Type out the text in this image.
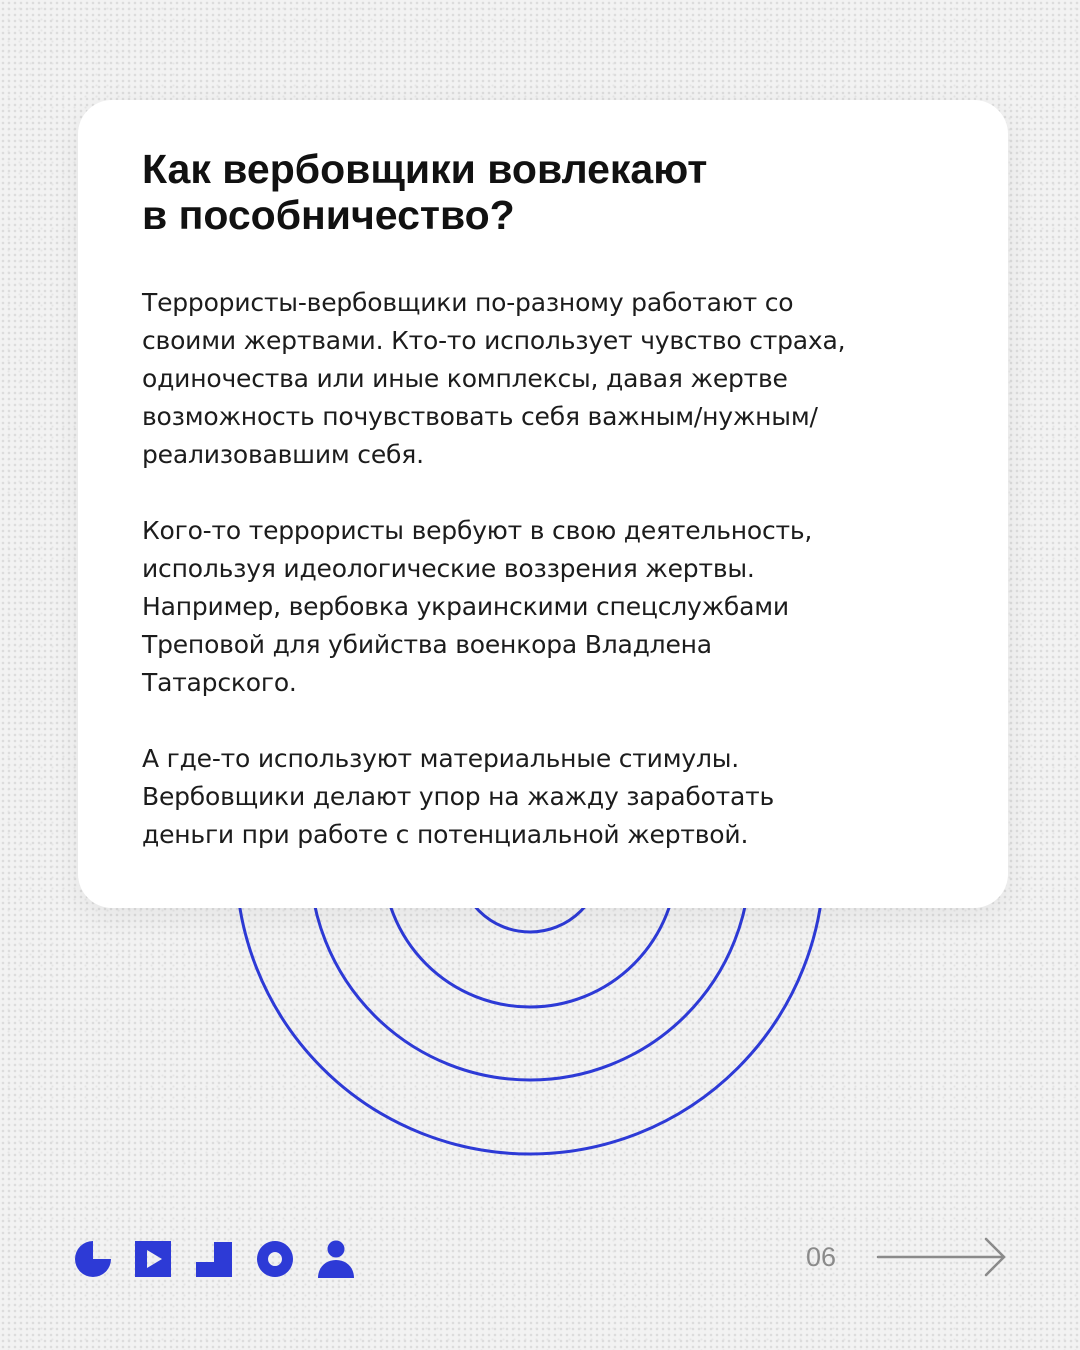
Как вербовщики вовлекают
в пособничество?

Террористы-вербовщики по-разному работают со
своими жертвами. Кто-то использует чувство страха,
одиночества или иные комплексы, давая жертве
возможность почувствовать себя важным/нужным/
реализовавшим себя.

Кого-то террористы вербуют в свою деятельность,
используя идеологические воззрения жертвы.
Например, вербовка украинскими спецслужбами
Треповой для убийства военкора Владлена
Татарского.

А где-то используют материальные стимулы.
Вербовщики делают упор на жажду заработать
деньги при работе с потенциальной жертвой.

06
